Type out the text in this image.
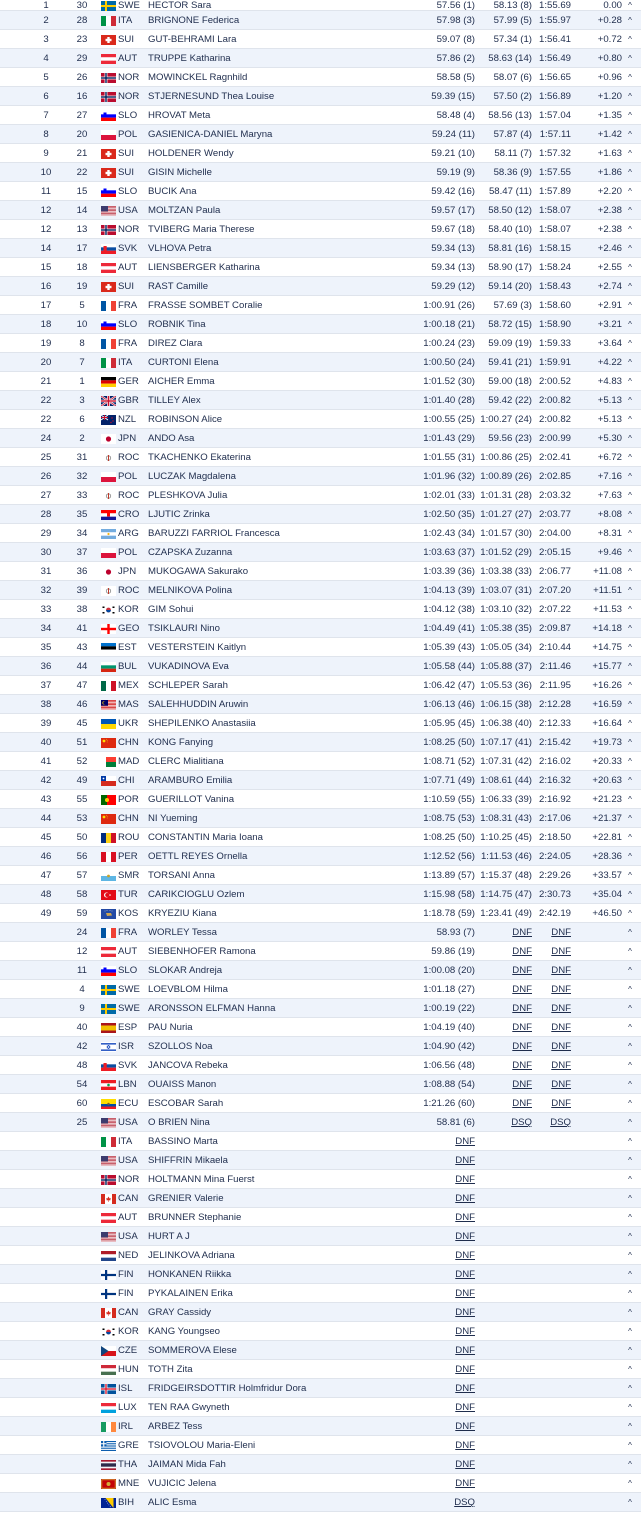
1	30	SWE HECTOR Sara	57.56 (1)	58.13 (8) 1:55.69	0.00 ^
2	28	ITA	BRIGNONE Federica	57.98 (3)	57.99 (5) 1:55.97	+0.28 ^
3	23	SUI	GUT-BEHRAMI Lara	59.07 (8)	57.34 (1) 1:56.41	+0.72 ^
4	29	AUT	TRUPPE Katharina	57.86 (2)	58.63 (14) 1:56.49	+0.80 ^
5	26	NOR MOWINCKEL Ragnhild	58.58 (5)	58.07 (6) 1:56.65	+0.96 ^
6	16	NOR STJERNESUND Thea Louise	59.39 (15)	57.50 (2) 1:56.89	+1.20 ^
7	27	SLO	HROVAT Meta	58.48 (4)	58.56 (13) 1:57.04	+1.35 ^
8	20	POL	GASIENICA-DANIEL Maryna	59.24 (11)	57.87 (4) 1:57.11	+1.42 ^
9	21	SUI	HOLDENER Wendy	59.21 (10)	58.11 (7) 1:57.32	+1.63 ^
10	22	SUI	GISIN Michelle	59.19 (9)	58.36 (9) 1:57.55	+1.86 ^
11	15	SLO	BUCIK Ana	59.42 (16)	58.47 (11) 1:57.89	+2.20 ^
12	14	USA	MOLTZAN Paula	59.57 (17)	58.50 (12) 1:58.07	+2.38 ^
12	13	NOR TVIBERG Maria Therese	59.67 (18)	58.40 (10) 1:58.07	+2.38 ^
14	17	SVK	VLHOVA Petra	59.34 (13)	58.81 (16) 1:58.15	+2.46 ^
15	18	AUT	LIENSBERGER Katharina	59.34 (13)	58.90 (17) 1:58.24	+2.55 ^
16	19	SUI	RAST Camille	59.29 (12)	59.14 (20) 1:58.43	+2.74 ^
17	5	FRA	FRASSE SOMBET Coralie	1:00.91 (26)	57.69 (3) 1:58.60	+2.91 ^
18	10	SLO	ROBNIK Tina	1:00.18 (21)	58.72 (15) 1:58.90	+3.21 ^
19	8	FRA	DIREZ Clara	1:00.24 (23)	59.09 (19) 1:59.33	+3.64 ^
20	7	ITA	CURTONI Elena	1:00.50 (24)	59.41 (21) 1:59.91	+4.22 ^
21	1	GER AICHER Emma	1:01.52 (30)	59.00 (18) 2:00.52	+4.83 ^
22	3	GBR TILLEY Alex	1:01.40 (28)	59.42 (22) 2:00.82	+5.13 ^
22	6	NZL	ROBINSON Alice	1:00.55 (25) 1:00.27 (24) 2:00.82	+5.13 ^
24	2	JPN	ANDO Asa	1:01.43 (29)	59.56 (23) 2:00.99	+5.30 ^
25	31	ROC TKACHENKO Ekaterina	1:01.55 (31) 1:00.86 (25) 2:02.41	+6.72 ^
26	32	POL	LUCZAK Magdalena	1:01.96 (32) 1:00.89 (26) 2:02.85	+7.16 ^
27	33	ROC PLESHKOVA Julia	1:02.01 (33) 1:01.31 (28) 2:03.32	+7.63 ^
28	35	CRO LJUTIC Zrinka	1:02.50 (35) 1:01.27 (27) 2:03.77	+8.08 ^
29	34	ARG BARUZZI FARRIOL Francesca	1:02.43 (34) 1:01.57 (30) 2:04.00	+8.31 ^
30	37	POL	CZAPSKA Zuzanna	1:03.63 (37) 1:01.52 (29) 2:05.15	+9.46 ^
31	36	JPN	MUKOGAWA Sakurako	1:03.39 (36) 1:03.38 (33) 2:06.77	+11.08 ^
32	39	ROC MELNIKOVA Polina	1:04.13 (39) 1:03.07 (31) 2:07.20	+11.51 ^
33	38	KOR GIM Sohui	1:04.12 (38) 1:03.10 (32) 2:07.22	+11.53 ^
34	41	GEO TSIKLAURI Nino	1:04.49 (41) 1:05.38 (35) 2:09.87	+14.18 ^
35	43	EST	VESTERSTEIN Kaitlyn	1:05.39 (43) 1:05.05 (34) 2:10.44	+14.75 ^
36	44	BUL	VUKADINOVA Eva	1:05.58 (44) 1:05.88 (37) 2:11.46	+15.77 ^
37	47	MEX SCHLEPER Sarah	1:06.42 (47) 1:05.53 (36) 2:11.95	+16.26 ^
38	46	MAS SALEHHUDDIN Aruwin	1:06.13 (46) 1:06.15 (38) 2:12.28	+16.59 ^
39	45	UKR	SHEPILENKO Anastasiia	1:05.95 (45) 1:06.38 (40) 2:12.33	+16.64 ^
40	51	CHN KONG Fanying	1:08.25 (50) 1:07.17 (41) 2:15.42	+19.73 ^
41	52	MAD CLERC Mialitiana	1:08.71 (52) 1:07.31 (42) 2:16.02	+20.33 ^
42	49	CHI	ARAMBURO Emilia	1:07.71 (49) 1:08.61 (44) 2:16.32	+20.63 ^
43	55	POR GUERILLOT Vanina	1:10.59 (55) 1:06.33 (39) 2:16.92	+21.23 ^
44	53	CHN NI Yueming	1:08.75 (53) 1:08.31 (43) 2:17.06	+21.37 ^
45	50	ROU CONSTANTIN Maria Ioana	1:08.25 (50) 1:10.25 (45) 2:18.50	+22.81 ^
46	56	PER	OETTL REYES Ornella	1:12.52 (56) 1:11.53 (46) 2:24.05	+28.36 ^
47	57	SMR TORSANI Anna	1:13.89 (57) 1:15.37 (48) 2:29.26	+33.57 ^
48	58	TUR	CARIKCIOGLU Ozlem	1:15.98 (58) 1:14.75 (47) 2:30.73	+35.04 ^
49	59	KOS	KRYEZIU Kiana	1:18.78 (59) 1:23.41 (49) 2:42.19	+46.50 ^
24	FRA	WORLEY Tessa	58.93 (7)	DNF	DNF	^
12	AUT	SIEBENHOFER Ramona	59.86 (19)	DNF	DNF	^
11	SLO	SLOKAR Andreja	1:00.08 (20)	DNF	DNF	^
4	SWE LOEVBLOM Hilma	1:01.18 (27)	DNF	DNF	^
9	SWE ARONSSON ELFMAN Hanna	1:00.19 (22)	DNF	DNF	^
40	ESP	PAU Nuria	1:04.19 (40)	DNF	DNF	^
42	ISR	SZOLLOS Noa	1:04.90 (42)	DNF	DNF	^
48	SVK	JANCOVA Rebeka	1:06.56 (48)	DNF	DNF	^
54	LBN	OUAISS Manon	1:08.88 (54)	DNF	DNF	^
60	ECU	ESCOBAR Sarah	1:21.26 (60)	DNF	DNF	^
25	USA	O BRIEN Nina	58.81 (6)	DSQ	DSQ	^
ITA	BASSINO Marta	DNF	^
USA	SHIFFRIN Mikaela	DNF	^
NOR HOLTMANN Mina Fuerst	DNF	^
CAN	GRENIER Valerie	DNF	^
AUT	BRUNNER Stephanie	DNF	^
USA	HURT A J	DNF	^
NED	JELINKOVA Adriana	DNF	^
FIN	HONKANEN Riikka	DNF	^
FIN	PYKALAINEN Erika	DNF	^
CAN	GRAY Cassidy	DNF	^
KOR KANG Youngseo	DNF	^
CZE	SOMMEROVA Elese	DNF	^
HUN TOTH Zita	DNF	^
ISL	FRIDGEIRSDOTTIR Holmfridur Dora	DNF	^
LUX	TEN RAA Gwyneth	DNF	^
IRL	ARBEZ Tess	DNF	^
GRE TSIOVOLOU Maria-Eleni	DNF	^
THA	JAIMAN Mida Fah	DNF	^
MNE VUJICIC Jelena	DNF	^
BIH	ALIC Esma	DSQ	^
